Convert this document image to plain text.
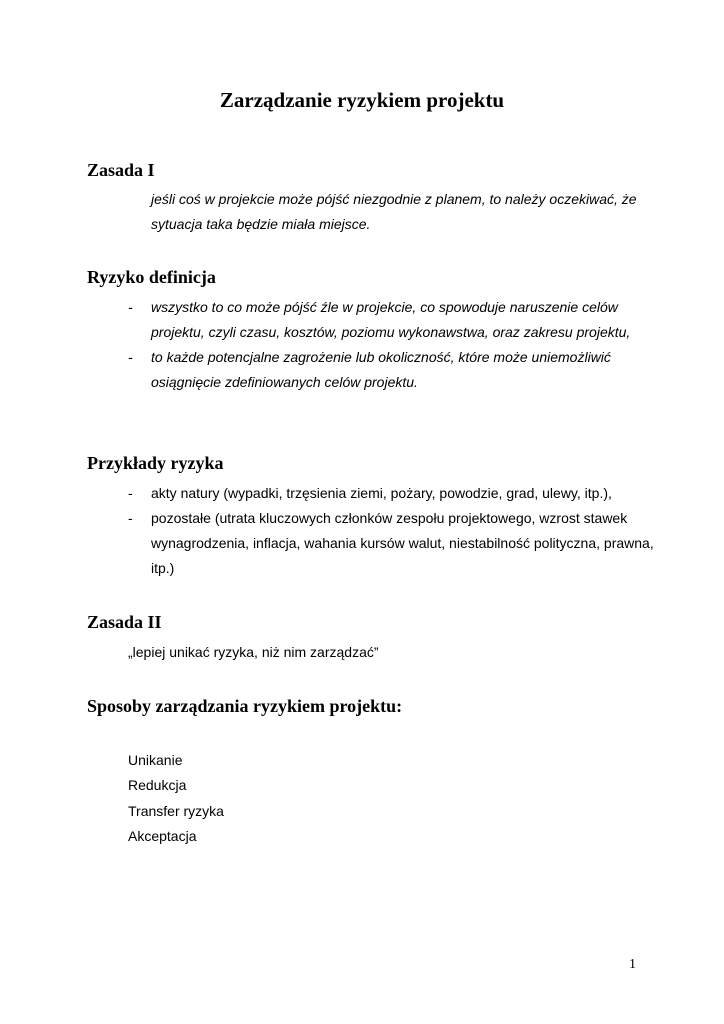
Zarządzanie ryzykiem projektu
Zasada I
jeśli coś w projekcie może pójść niezgodnie z planem, to należy oczekiwać, że sytuacja taka będzie miała miejsce.
Ryzyko definicja
- wszystko to co może pójść źle w projekcie, co spowoduje naruszenie celów projektu, czyli czasu, kosztów, poziomu wykonawstwa, oraz zakresu projektu,
- to każde potencjalne zagrożenie lub okoliczność, które może uniemożliwić osiągnięcie zdefiniowanych celów projektu.
Przykłady ryzyka
- akty natury (wypadki, trzęsienia ziemi, pożary, powodzie, grad, ulewy, itp.),
- pozostałe (utrata kluczowych członków zespołu projektowego, wzrost stawek wynagrodzenia, inflacja, wahania kursów walut, niestabilność polityczna, prawna, itp.)
Zasada II
„lepiej unikać ryzyka, niż nim zarządzać”
Sposoby zarządzania ryzykiem projektu:
Unikanie
Redukcja
Transfer ryzyka
Akceptacja
1
